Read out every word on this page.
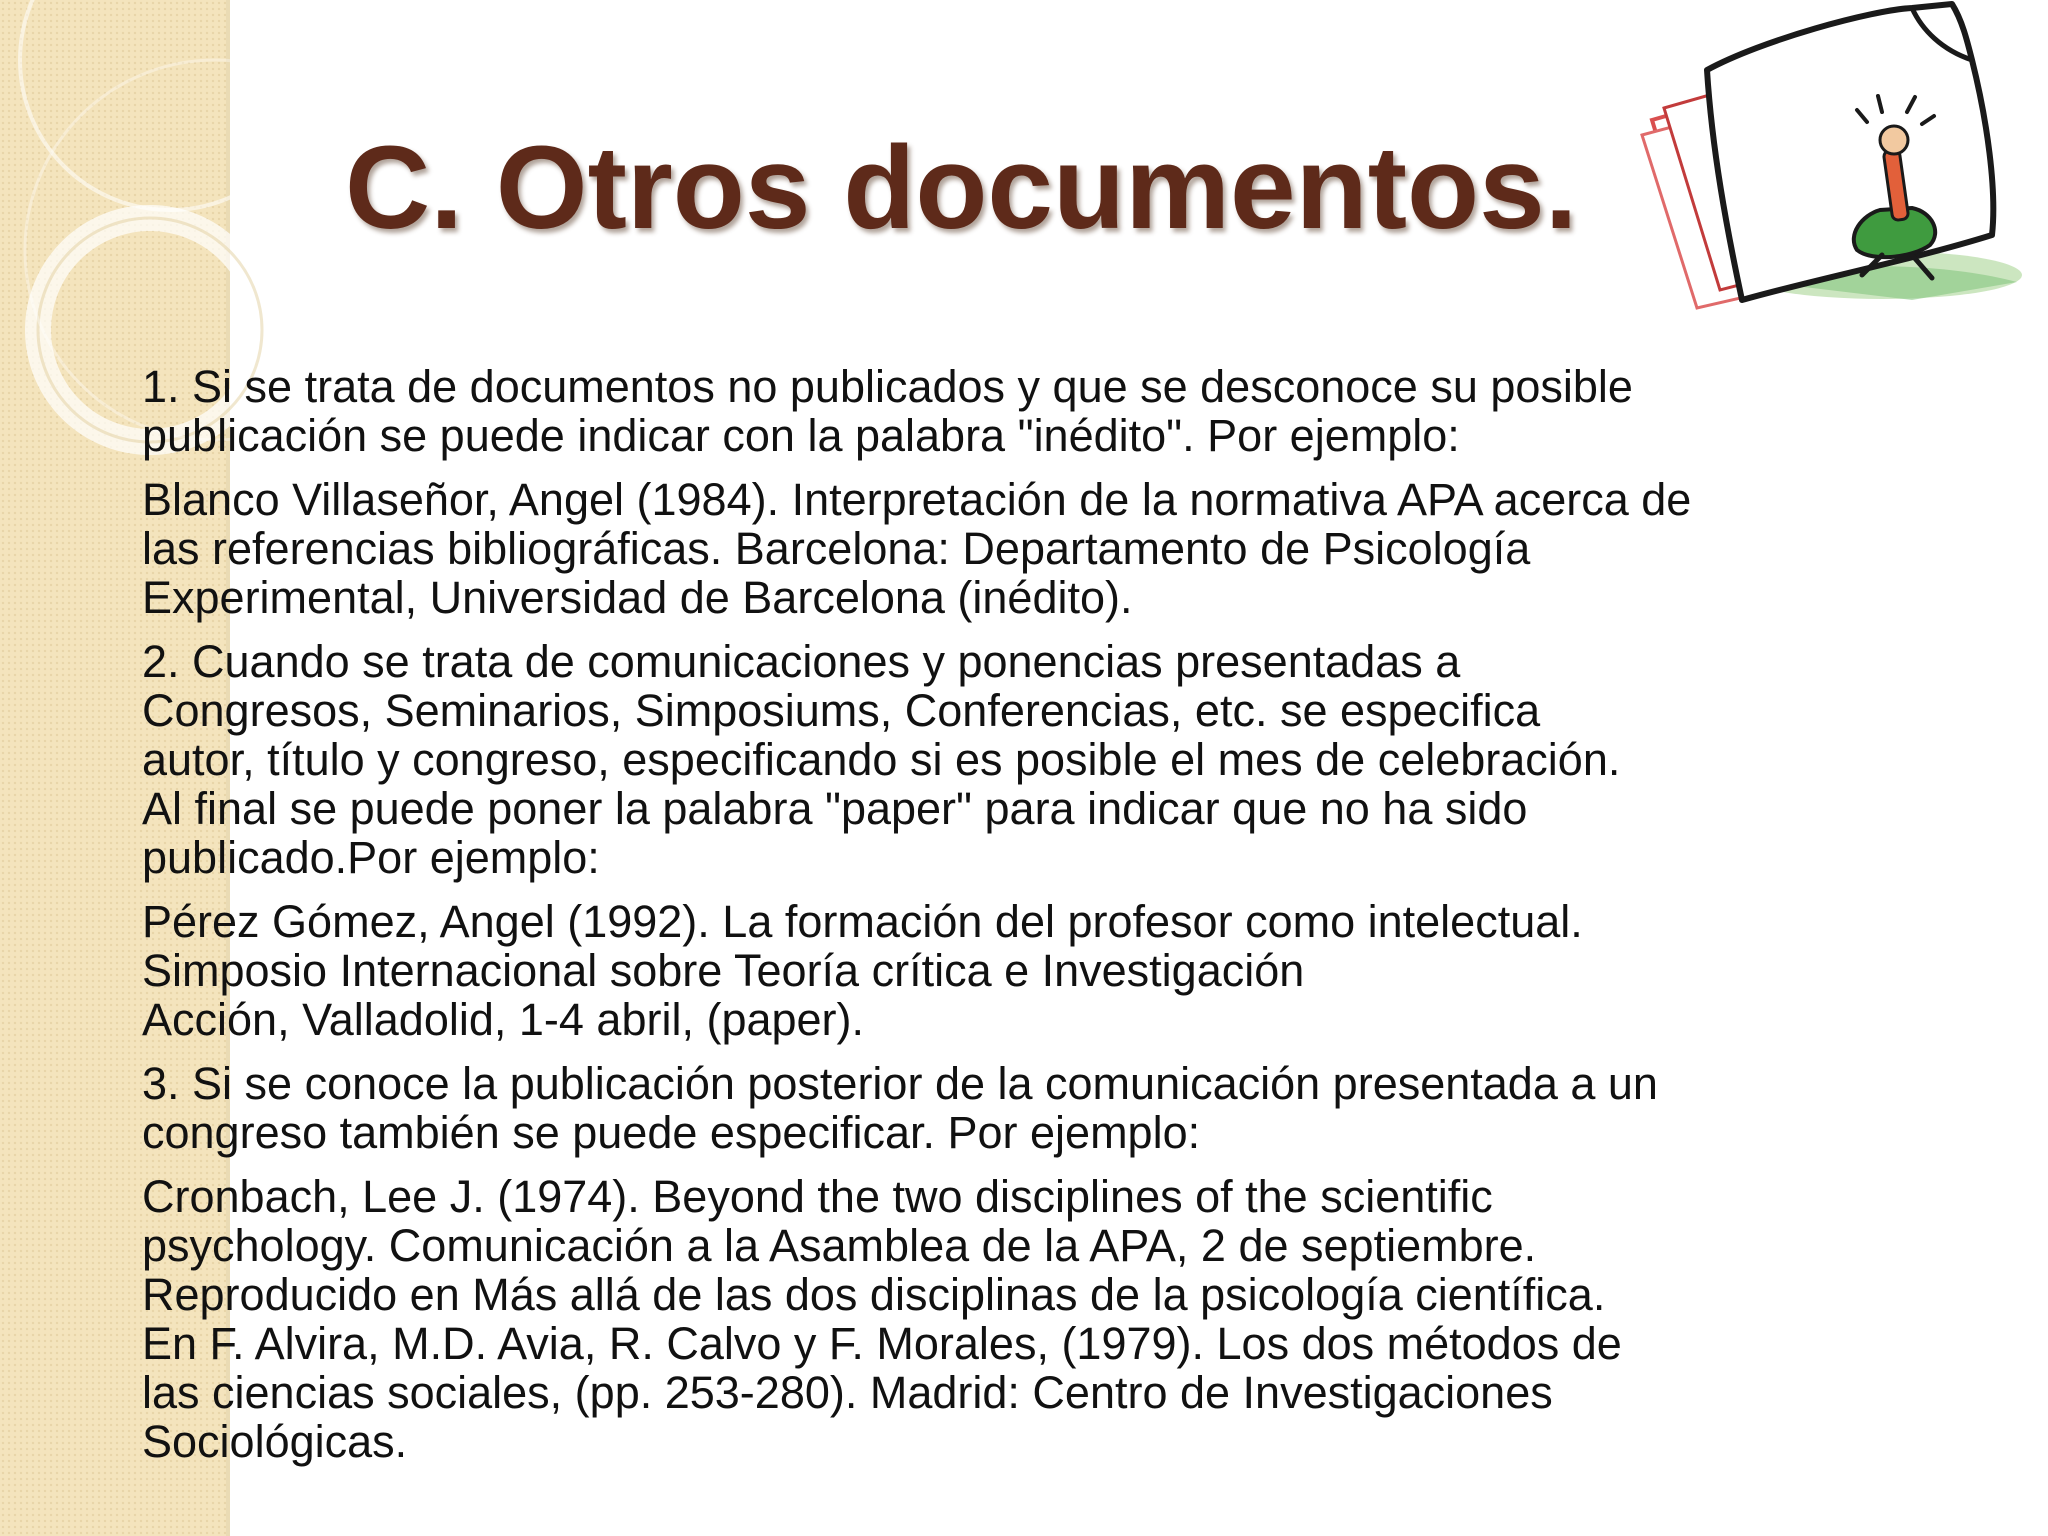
C. Otros documentos.

1. Si se trata de documentos no publicados y que se desconoce su posible
publicación se puede indicar con la palabra "inédito". Por ejemplo:

Blanco Villaseñor, Angel (1984). Interpretación de la normativa APA acerca de
las referencias bibliográficas. Barcelona: Departamento de Psicología
Experimental, Universidad de Barcelona (inédito).

2. Cuando se trata de comunicaciones y ponencias presentadas a
Congresos, Seminarios, Simposiums, Conferencias, etc. se especifica
autor, título y congreso, especificando si es posible el mes de celebración.
Al final se puede poner la palabra "paper" para indicar que no ha sido
publicado.Por ejemplo:

Pérez Gómez, Angel (1992). La formación del profesor como intelectual.
Simposio Internacional sobre Teoría crítica e Investigación
Acción, Valladolid, 1-4 abril, (paper).

3. Si se conoce la publicación posterior de la comunicación presentada a un
congreso también se puede especificar. Por ejemplo:

Cronbach, Lee J. (1974). Beyond the two disciplines of the scientific
psychology. Comunicación a la Asamblea de la APA, 2 de septiembre.
Reproducido en Más allá de las dos disciplinas de la psicología científica.
En F. Alvira, M.D. Avia, R. Calvo y F. Morales, (1979). Los dos métodos de
las ciencias sociales, (pp. 253-280). Madrid: Centro de Investigaciones
Sociológicas.
